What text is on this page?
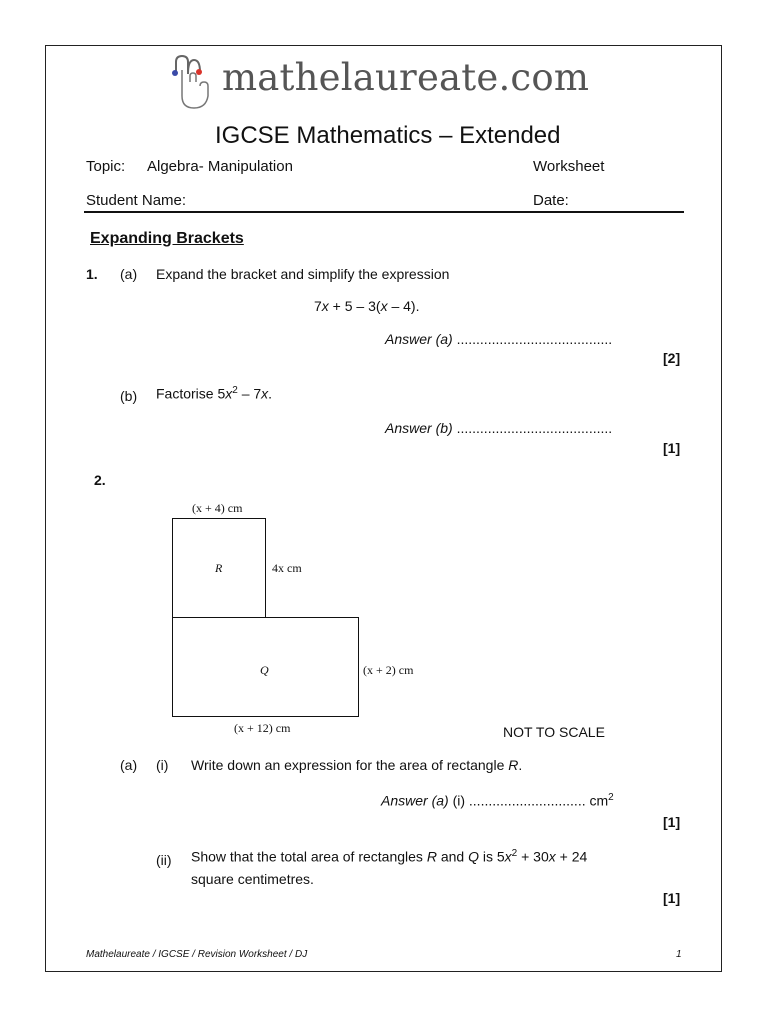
mathelaureate.com
IGCSE Mathematics – Extended
Topic: Algebra- Manipulation	Worksheet
Student Name:	Date:
Expanding Brackets
1. (a) Expand the bracket and simplify the expression
7x + 5 – 3(x – 4).
Answer (a) ........................................
[2]
(b) Factorise $5x^2 - 7x$.
Answer (b) ........................................
[1]
2.
(x + 4) cm
R	4x cm
Q	(x + 2) cm
(x + 12) cm	NOT TO SCALE
(a) (i) Write down an expression for the area of rectangle R.
Answer (a) (i) .............................. $cm^2$
[1]
(ii) Show that the total area of rectangles R and Q is $5x^2 + 30x + 24$
square centimetres.
[1]
Mathelaureate / IGCSE / Revision Worksheet / DJ	1
